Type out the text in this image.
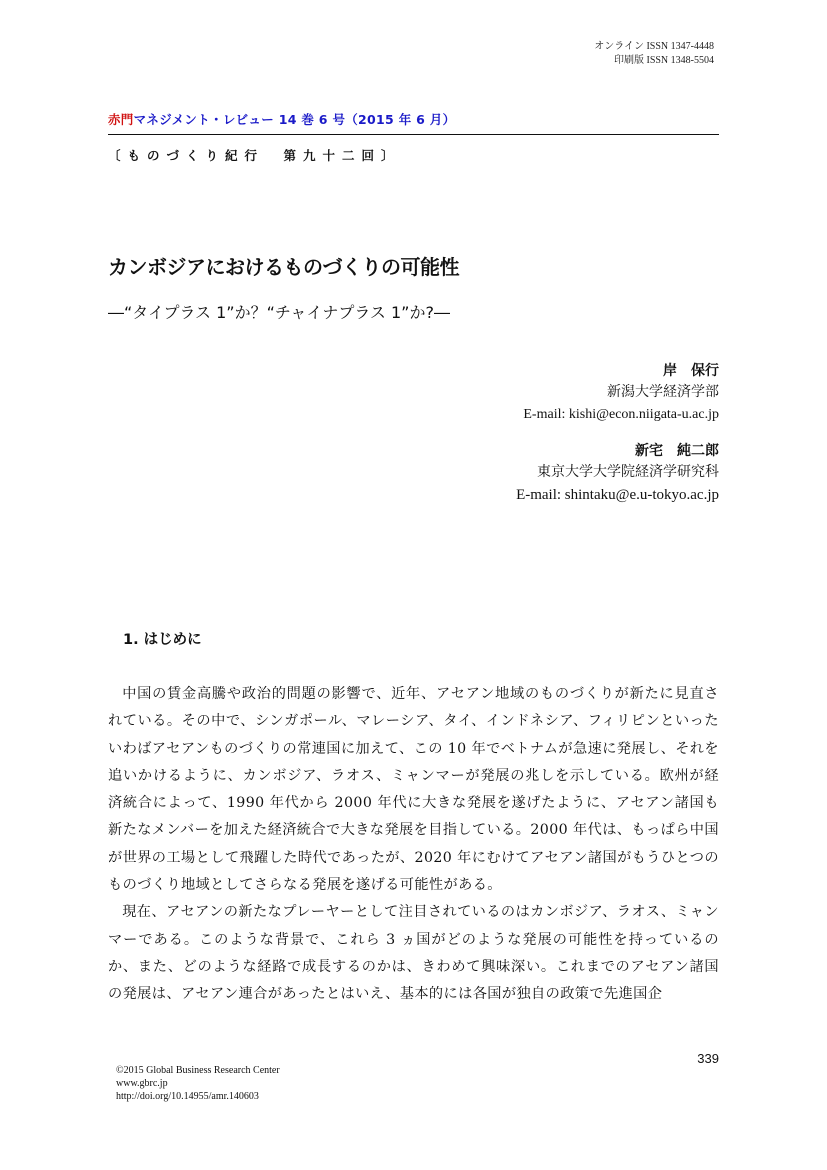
オンライン ISSN 1347-4448
印刷版 ISSN 1348-5504
赤門マネジメント・レビュー 14 巻 6 号（2015 年 6 月）
〔ものづくり紀行　第九十二回〕
カンボジアにおけるものづくりの可能性
―“タイプラス 1”か？“チャイナプラス 1”か?―
岸　保行
新潟大学経済学部
E-mail: kishi@econ.niigata-u.ac.jp
新宅　純二郎
東京大学大学院経済学研究科
E-mail: shintaku@e.u-tokyo.ac.jp
1. はじめに

中国の賃金高騰や政治的問題の影響で、近年、アセアン地域のものづくりが新たに見直されている。その中で、シンガポール、マレーシア、タイ、インドネシア、フィリピンといったいわばアセアンものづくりの常連国に加えて、この 10 年でベトナムが急速に発展し、それを追いかけるように、カンボジア、ラオス、ミャンマーが発展の兆しを示している。欧州が経済統合によって、1990 年代から 2000 年代に大きな発展を遂げたように、アセアン諸国も新たなメンバーを加えた経済統合で大きな発展を目指している。2000 年代は、もっぱら中国が世界の工場として飛躍した時代であったが、2020 年にむけてアセアン諸国がもうひとつのものづくり地域としてさらなる発展を遂げる可能性がある。

現在、アセアンの新たなプレーヤーとして注目されているのはカンボジア、ラオス、ミャンマーである。このような背景で、これら 3 ヵ国がどのような発展の可能性を持っているのか、また、どのような経路で成長するのかは、きわめて興味深い。これまでのアセアン諸国の発展は、アセアン連合があったとはいえ、基本的には各国が独自の政策で先進国企

339
©2015 Global Business Research Center
www.gbrc.jp
http://doi.org/10.14955/amr.140603
